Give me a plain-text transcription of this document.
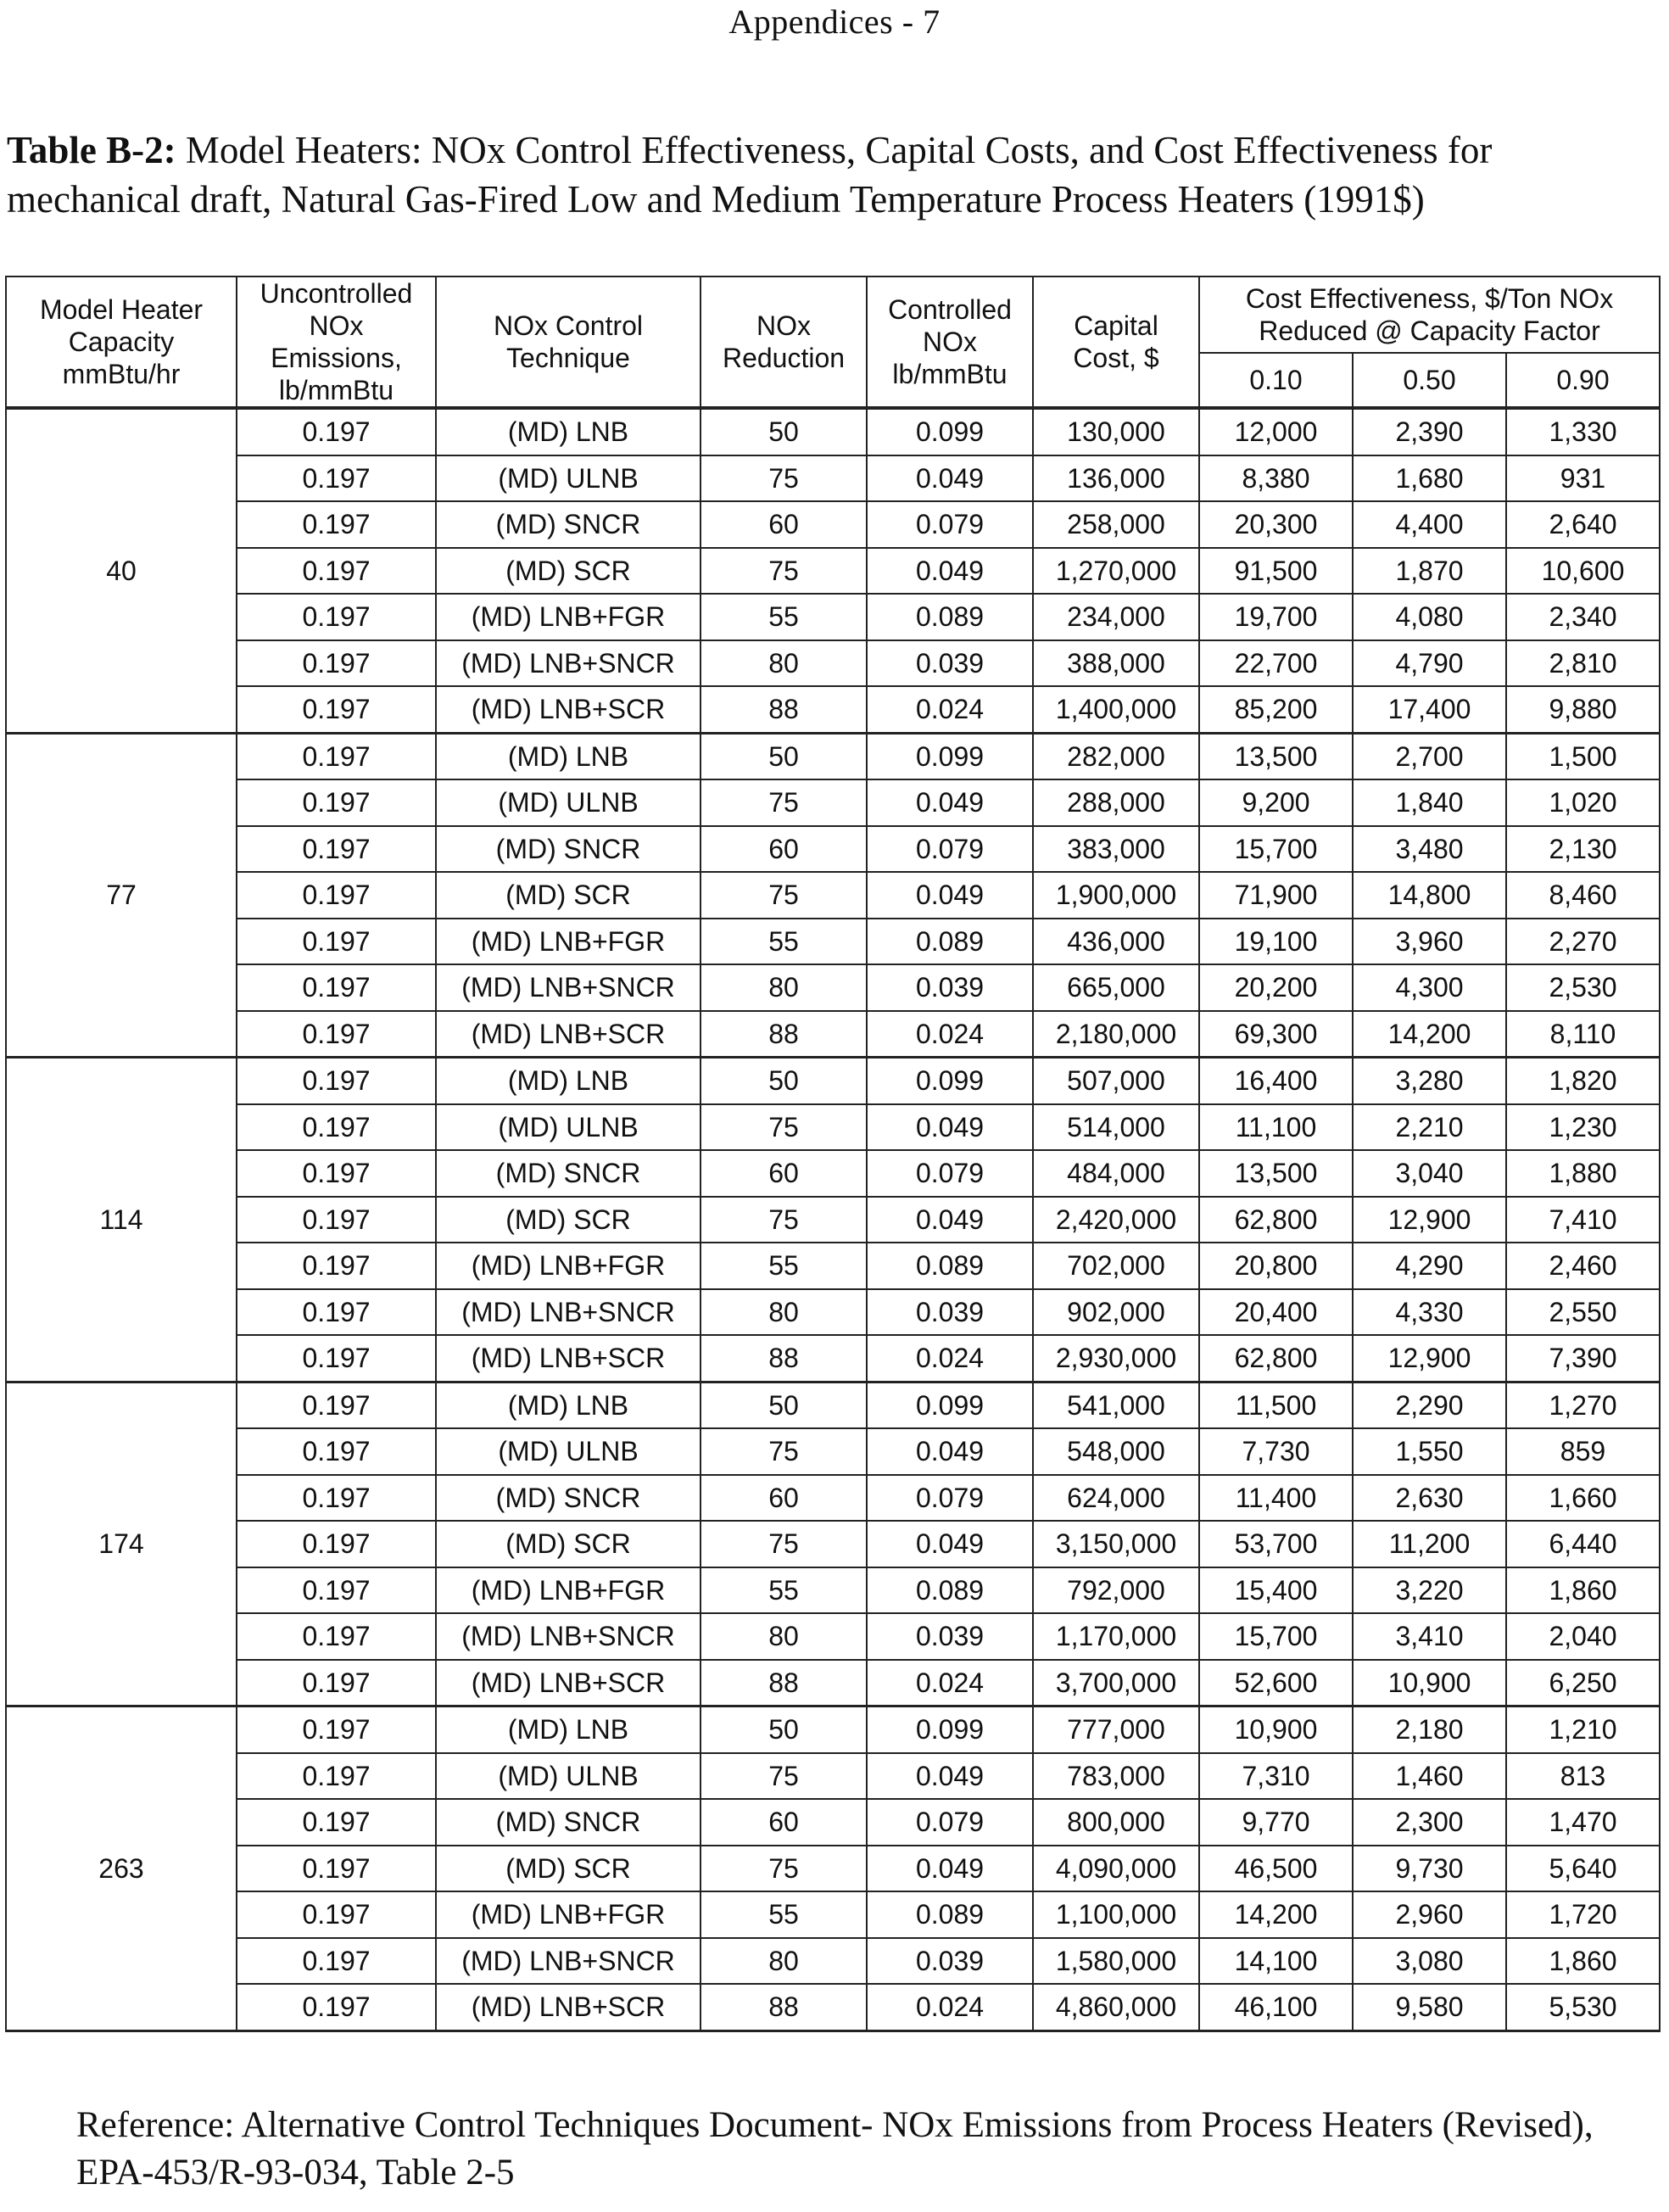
Appendices - 7
Table B-2: Model Heaters: NOx Control Effectiveness, Capital Costs, and Cost Effectiveness for mechanical draft, Natural Gas-Fired Low and Medium Temperature Process Heaters (1991$)
Model Heater Capacity mmBtu/hr	Uncontrolled NOx Emissions, lb/mmBtu	NOx Control Technique	NOx Reduction	Controlled NOx lb/mmBtu	Capital Cost, $	Cost Effectiveness, $/Ton NOx Reduced @ Capacity Factor		
						0.10	0.50	0.90
40	0.197	(MD) LNB	50	0.099	130,000	12,000	2,390	1,330
	0.197	(MD) ULNB	75	0.049	136,000	8,380	1,680	931
	0.197	(MD) SNCR	60	0.079	258,000	20,300	4,400	2,640
	0.197	(MD) SCR	75	0.049	1,270,000	91,500	1,870	10,600
	0.197	(MD) LNB+FGR	55	0.089	234,000	19,700	4,080	2,340
	0.197	(MD) LNB+SNCR	80	0.039	388,000	22,700	4,790	2,810
	0.197	(MD) LNB+SCR	88	0.024	1,400,000	85,200	17,400	9,880
77	0.197	(MD) LNB	50	0.099	282,000	13,500	2,700	1,500
	0.197	(MD) ULNB	75	0.049	288,000	9,200	1,840	1,020
	0.197	(MD) SNCR	60	0.079	383,000	15,700	3,480	2,130
	0.197	(MD) SCR	75	0.049	1,900,000	71,900	14,800	8,460
	0.197	(MD) LNB+FGR	55	0.089	436,000	19,100	3,960	2,270
	0.197	(MD) LNB+SNCR	80	0.039	665,000	20,200	4,300	2,530
	0.197	(MD) LNB+SCR	88	0.024	2,180,000	69,300	14,200	8,110
114	0.197	(MD) LNB	50	0.099	507,000	16,400	3,280	1,820
	0.197	(MD) ULNB	75	0.049	514,000	11,100	2,210	1,230
	0.197	(MD) SNCR	60	0.079	484,000	13,500	3,040	1,880
	0.197	(MD) SCR	75	0.049	2,420,000	62,800	12,900	7,410
	0.197	(MD) LNB+FGR	55	0.089	702,000	20,800	4,290	2,460
	0.197	(MD) LNB+SNCR	80	0.039	902,000	20,400	4,330	2,550
	0.197	(MD) LNB+SCR	88	0.024	2,930,000	62,800	12,900	7,390
174	0.197	(MD) LNB	50	0.099	541,000	11,500	2,290	1,270
	0.197	(MD) ULNB	75	0.049	548,000	7,730	1,550	859
	0.197	(MD) SNCR	60	0.079	624,000	11,400	2,630	1,660
	0.197	(MD) SCR	75	0.049	3,150,000	53,700	11,200	6,440
	0.197	(MD) LNB+FGR	55	0.089	792,000	15,400	3,220	1,860
	0.197	(MD) LNB+SNCR	80	0.039	1,170,000	15,700	3,410	2,040
	0.197	(MD) LNB+SCR	88	0.024	3,700,000	52,600	10,900	6,250
263	0.197	(MD) LNB	50	0.099	777,000	10,900	2,180	1,210
	0.197	(MD) ULNB	75	0.049	783,000	7,310	1,460	813
	0.197	(MD) SNCR	60	0.079	800,000	9,770	2,300	1,470
	0.197	(MD) SCR	75	0.049	4,090,000	46,500	9,730	5,640
	0.197	(MD) LNB+FGR	55	0.089	1,100,000	14,200	2,960	1,720
	0.197	(MD) LNB+SNCR	80	0.039	1,580,000	14,100	3,080	1,860
	0.197	(MD) LNB+SCR	88	0.024	4,860,000	46,100	9,580	5,530
Reference: Alternative Control Techniques Document- NOx Emissions from Process Heaters (Revised), EPA-453/R-93-034, Table 2-5
